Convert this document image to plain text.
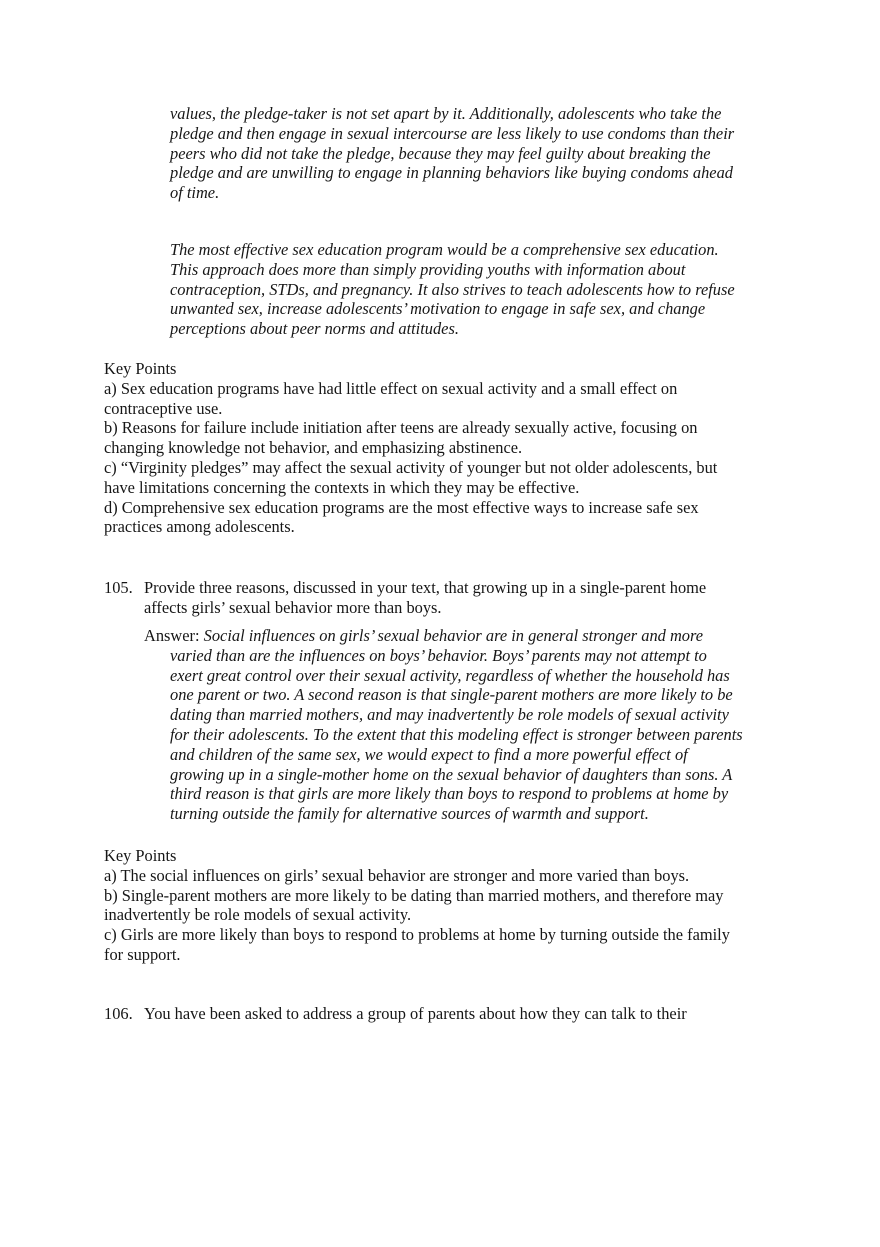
values, the pledge-taker is not set apart by it. Additionally, adolescents who take the
pledge and then engage in sexual intercourse are less likely to use condoms than their
peers who did not take the pledge, because they may feel guilty about breaking the
pledge and are unwilling to engage in planning behaviors like buying condoms ahead
of time.
The most effective sex education program would be a comprehensive sex education.
This approach does more than simply providing youths with information about
contraception, STDs, and pregnancy. It also strives to teach adolescents how to refuse
unwanted sex, increase adolescents’ motivation to engage in safe sex, and change
perceptions about peer norms and attitudes.
Key Points
a) Sex education programs have had little effect on sexual activity and a small effect on
contraceptive use.
b) Reasons for failure include initiation after teens are already sexually active, focusing on
changing knowledge not behavior, and emphasizing abstinence.
c) “Virginity pledges” may affect the sexual activity of younger but not older adolescents, but
have limitations concerning the contexts in which they may be effective.
d) Comprehensive sex education programs are the most effective ways to increase safe sex
practices among adolescents.
105. Provide three reasons, discussed in your text, that growing up in a single-parent home
affects girls’ sexual behavior more than boys.
Answer: Social influences on girls’ sexual behavior are in general stronger and more
varied than are the influences on boys’ behavior. Boys’ parents may not attempt to
exert great control over their sexual activity, regardless of whether the household has
one parent or two. A second reason is that single-parent mothers are more likely to be
dating than married mothers, and may inadvertently be role models of sexual activity
for their adolescents. To the extent that this modeling effect is stronger between parents
and children of the same sex, we would expect to find a more powerful effect of
growing up in a single-mother home on the sexual behavior of daughters than sons. A
third reason is that girls are more likely than boys to respond to problems at home by
turning outside the family for alternative sources of warmth and support.
Key Points
a) The social influences on girls’ sexual behavior are stronger and more varied than boys.
b) Single-parent mothers are more likely to be dating than married mothers, and therefore may
inadvertently be role models of sexual activity.
c) Girls are more likely than boys to respond to problems at home by turning outside the family
for support.
106. You have been asked to address a group of parents about how they can talk to their
